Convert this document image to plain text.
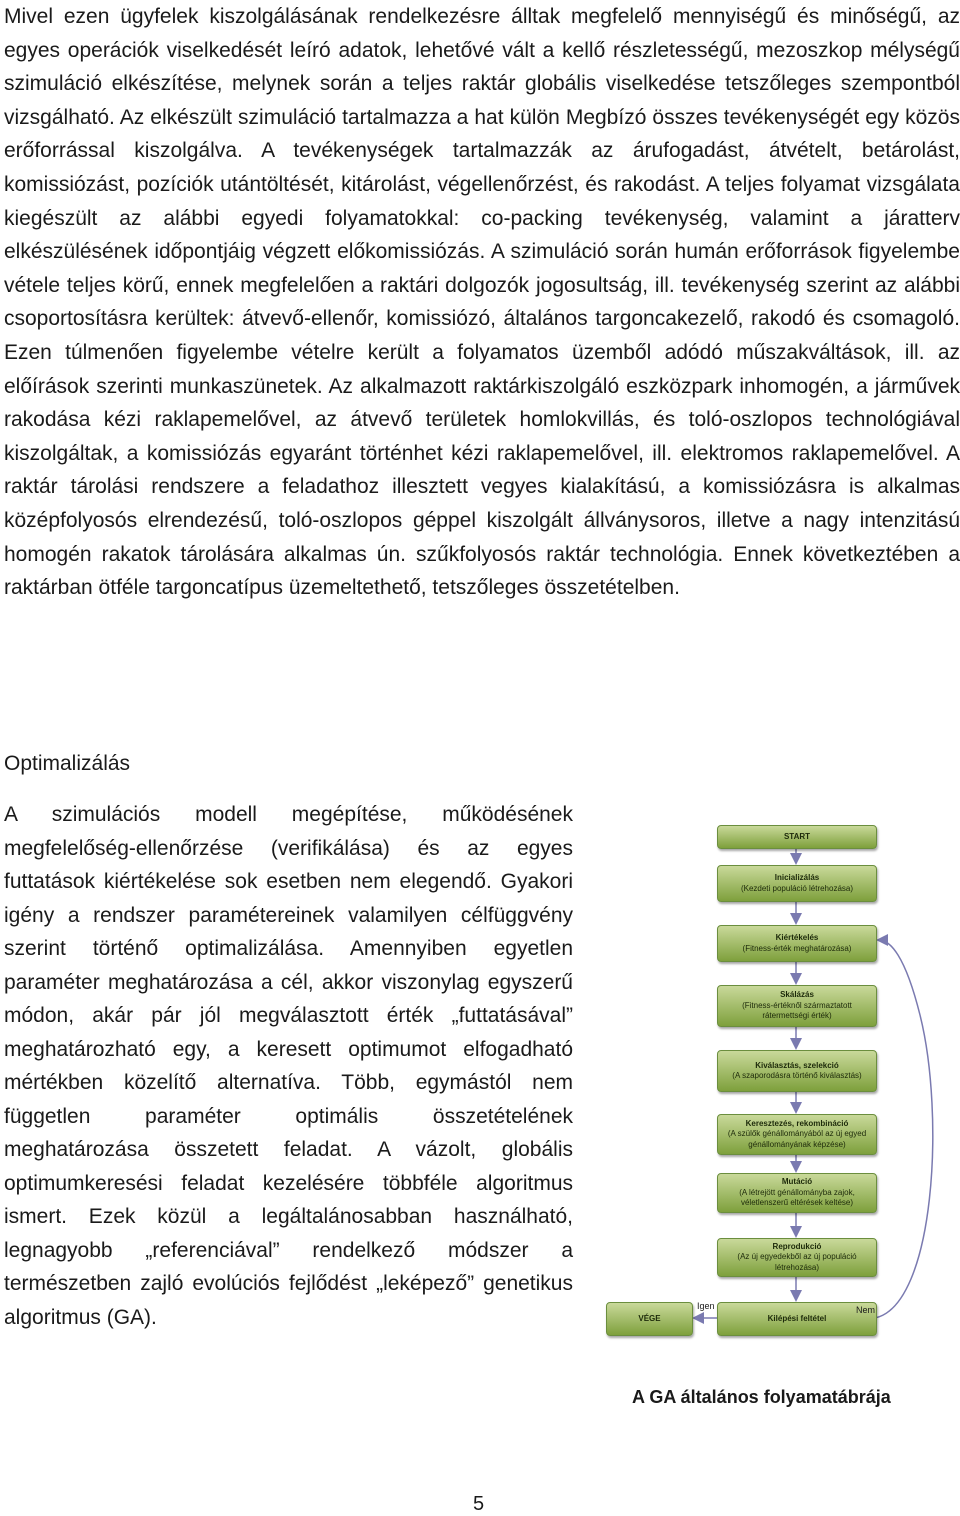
Mivel ezen ügyfelek kiszolgálásának rendelkezésre álltak megfelelő mennyiségű és minőségű, az egyes operációk viselkedését leíró adatok, lehetővé vált a kellő részletességű, mezoszkop mélységű szimuláció elkészítése, melynek során a teljes raktár globális viselkedése tetszőleges szempontból vizsgálható. Az elkészült szimuláció tartalmazza a hat külön Megbízó összes tevékenységét egy közös erőforrással kiszolgálva. A tevékenységek tartalmazzák az árufogadást, átvételt, betárolást, komissiózást, pozíciók utántöltését, kitárolást, végellenőrzést, és rakodást. A teljes folyamat vizsgálata kiegészült az alábbi egyedi folyamatokkal: co-packing tevékenység, valamint a járatterv elkészülésének időpontjáig végzett előkomissiózás. A szimuláció során humán erőforrások figyelembe vétele teljes körű, ennek megfelelően a raktári dolgozók jogosultság, ill. tevékenység szerint az alábbi csoportosításra kerültek: átvevő-ellenőr, komissiózó, általános targoncakezelő, rakodó és csomagoló. Ezen túlmenően figyelembe vételre került a folyamatos üzemből adódó műszakváltások, ill. az előírások szerinti munkaszünetek. Az alkalmazott raktárkiszolgáló eszközpark inhomogén, a járművek rakodása kézi raklapemelővel, az átvevő területek homlokvillás, és toló-oszlopos technológiával kiszolgáltak, a komissiózás egyaránt történhet kézi raklapemelővel, ill. elektromos raklapemelővel. A raktár tárolási rendszere a feladathoz illesztett vegyes kialakítású, a komissiózásra is alkalmas középfolyosós elrendezésű, toló-oszlopos géppel kiszolgált állványsoros, illetve a nagy intenzitású homogén rakatok tárolására alkalmas ún. szűkfolyosós raktár technológia. Ennek következtében a raktárban ötféle targoncatípus üzemeltethető, tetszőleges összetételben.

Optimalizálás

A szimulációs modell megépítése, működésének megfelelőség-ellenőrzése (verifikálása) és az egyes futtatások kiértékelése sok esetben nem elegendő. Gyakori igény a rendszer paramétereinek valamilyen célfüggvény szerint történő optimalizálása. Amennyiben egyetlen paraméter meghatározása a cél, akkor viszonylag egyszerű módon, akár pár jól megválasztott érték „futtatásával” meghatározható egy, a keresett optimumot elfogadható mértékben közelítő alternatíva. Több, egymástól nem független paraméter optimális összetételének meghatározása összetett feladat. A vázolt, globális optimumkeresési feladat kezelésére többféle algoritmus ismert. Ezek közül a legáltalánosabban használható, legnagyobb „referenciával” rendelkező módszer a természetben zajló evolúciós fejlődést „leképező” genetikus algoritmus (GA).

START
Inicializálás
(Kezdeti populáció létrehozása)
Kiértékelés
(Fitness-érték meghatározása)
Skálázás
(Fitness-értéknől származtatott rátermettségi érték)
Kiválasztás, szelekció
(A szaporodásra történő kiválasztás)
Keresztezés, rekombináció
(A szülők génállományából az új egyed génállományának képzése)
Mutáció
(A létrejött génállományba zajok, véletlenszerű eltérések keltése)
Reprodukció
(Az új egyedekből az új populáció létrehozása)
Kilépési feltétel
VÉGE
Igen	Nem
A GA általános folyamatábrája
5
